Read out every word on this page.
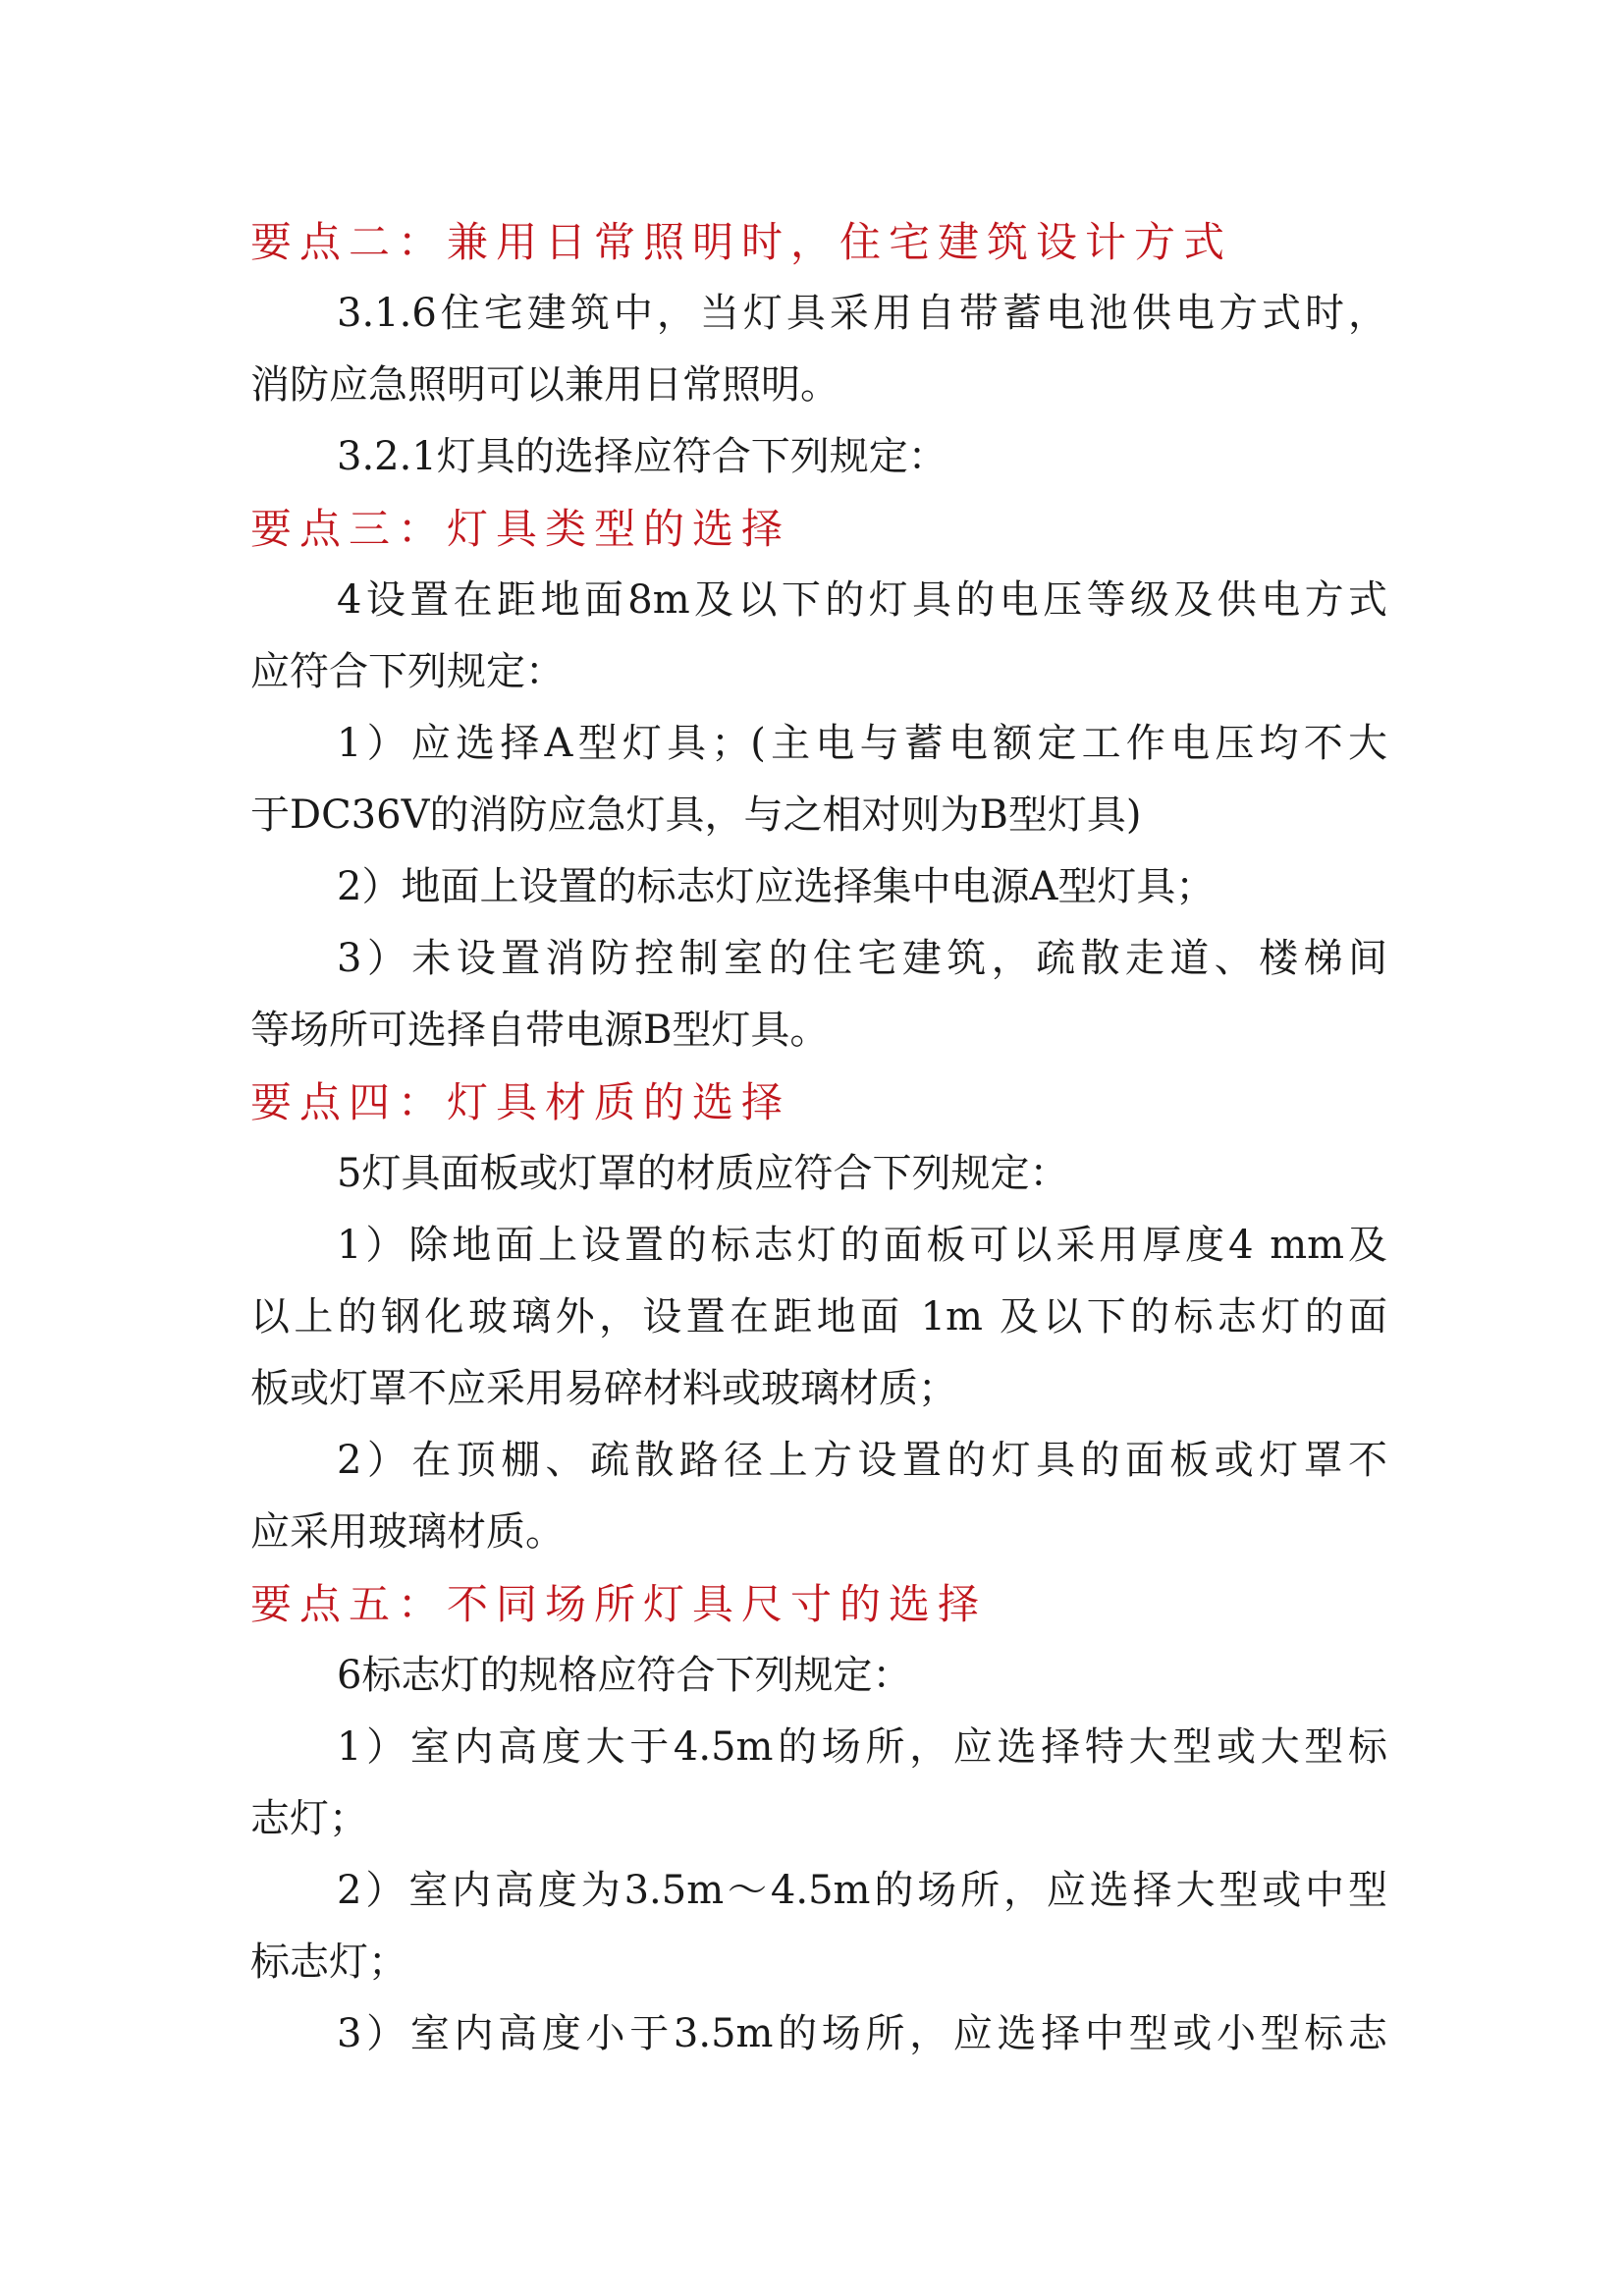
要点二：兼用日常照明时，住宅建筑设计方式
3.1.6住宅建筑中，当灯具采用自带蓄电池供电方式时，
消防应急照明可以兼用日常照明。
3.2.1灯具的选择应符合下列规定：
要点三：灯具类型的选择
4设置在距地面8m及以下的灯具的电压等级及供电方式
应符合下列规定：
1）应选择A型灯具；(主电与蓄电额定工作电压均不大
于DC36V的消防应急灯具，与之相对则为B型灯具)
2）地面上设置的标志灯应选择集中电源A型灯具；
3）未设置消防控制室的住宅建筑，疏散走道、楼梯间
等场所可选择自带电源B型灯具。
要点四：灯具材质的选择
5灯具面板或灯罩的材质应符合下列规定：
1）除地面上设置的标志灯的面板可以采用厚度4 mm及
以上的钢化玻璃外，设置在距地面 1m 及以下的标志灯的面
板或灯罩不应采用易碎材料或玻璃材质；
2）在顶棚、疏散路径上方设置的灯具的面板或灯罩不
应采用玻璃材质。
要点五：不同场所灯具尺寸的选择
6标志灯的规格应符合下列规定：
1）室内高度大于4.5m的场所，应选择特大型或大型标
志灯；
2）室内高度为3.5m～4.5m的场所，应选择大型或中型
标志灯；
3）室内高度小于3.5m的场所，应选择中型或小型标志
